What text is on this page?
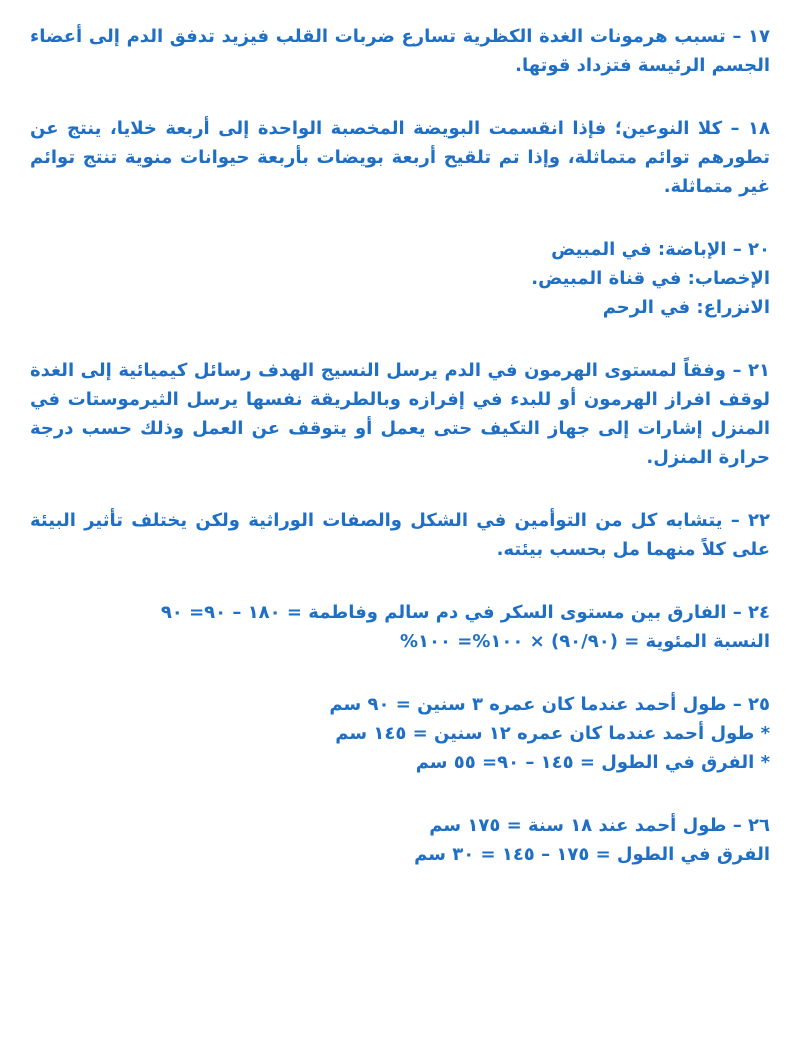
١٧ – تسبب هرمونات الغدة الكظرية تسارع ضربات القلب فيزيد تدفق الدم إلى أعضاء الجسم الرئيسة فتزداد قوتها.
١٨ – كلا النوعين؛ فإذا انقسمت البويضة المخصبة الواحدة إلى أربعة خلايا، ينتج عن تطورهم توائم متماثلة، وإذا تم تلقيح أربعة بويضات بأربعة حيوانات منوية تنتج توائم غير متماثلة.
٢٠ – الإباضة: في المبيض
الإخصاب: في قناة المبيض.
الانزراع: في الرحم
٢١ – وفقاً لمستوى الهرمون في الدم يرسل النسيج الهدف رسائل كيميائية إلى الغدة لوقف افراز الهرمون أو للبدء في إفرازه وبالطريقة نفسها يرسل الثيرموستات في المنزل إشارات إلى جهاز التكيف حتى يعمل أو يتوقف عن العمل وذلك حسب درجة حرارة المنزل.
٢٢ – يتشابه كل من التوأمين في الشكل والصفات الوراثية ولكن يختلف تأثير البيئة على كلاً منهما مل بحسب بيئته.
٢٤ – الفارق بين مستوى السكر في دم سالم وفاطمة = ١٨٠ – ٩٠= ٩٠
النسبة المئوية = (٩٠/٩٠) × ١٠٠%= ١٠٠%
٢٥ – طول أحمد عندما كان عمره ٣ سنين = ٩٠ سم
* طول أحمد عندما كان عمره ١٢ سنين = ١٤٥ سم
* الفرق في الطول = ١٤٥ – ٩٠= ٥٥ سم
٢٦ – طول أحمد عند ١٨ سنة = ١٧٥ سم
الفرق في الطول = ١٧٥ – ١٤٥ = ٣٠ سم
